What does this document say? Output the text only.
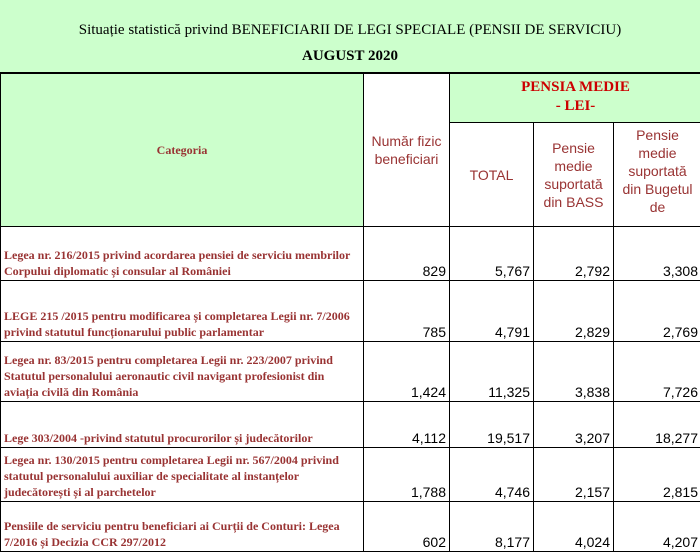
Situație statistică privind BENEFICIARII DE LEGI SPECIALE (PENSII DE SERVICIU)
AUGUST 2020
Categoria	Număr fizic beneficiari	PENSIA MEDIE
- LEI-		

		TOTAL	Pensie medie suportată din BASS	Pensie medie suportată din Bugetul de
Legea nr. 216/2015 privind acordarea pensiei de serviciu membrilor Corpului diplomatic și consular al României	829	5,767	2,792	3,308
LEGE 215 /2015 pentru modificarea și completarea Legii nr. 7/2006 privind statutul funcționarului public parlamentar	785	4,791	2,829	2,769
Legea nr. 83/2015 pentru completarea Legii nr. 223/2007 privind Statutul personalului aeronautic civil navigant profesionist din aviația civilă din România	1,424	11,325	3,838	7,726
Lege 303/2004 -privind statutul procurorilor și judecătorilor	4,112	19,517	3,207	18,277
Legea nr. 130/2015 pentru completarea Legii nr. 567/2004 privind statutul personalului auxiliar de specialitate al instanțelor judecătorești și al parchetelor	1,788	4,746	2,157	2,815
Pensiile de serviciu pentru beneficiari ai Curții de Conturi: Legea 7/2016 și Decizia CCR 297/2012	602	8,177	4,024	4,207
